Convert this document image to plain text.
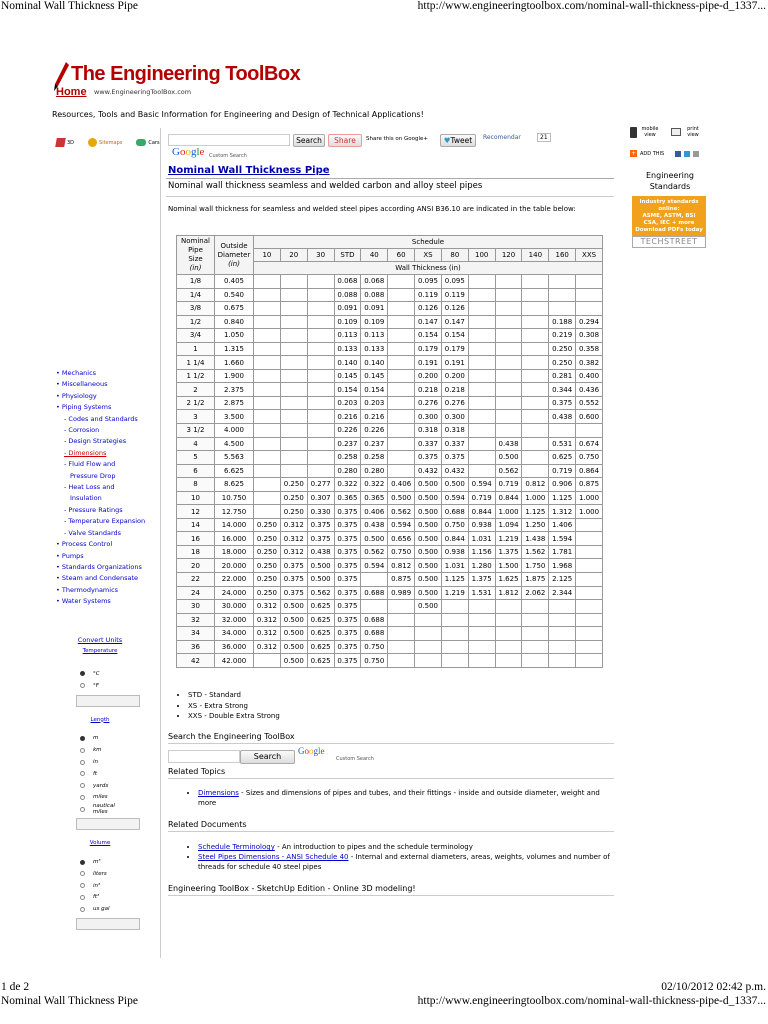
Nominal Wall Thickness Pipe	http://www.engineeringtoolbox.com/nominal-wall-thickness-pipe-d_1337...
The Engineering ToolBox
Home www.EngineeringToolBox.com
Resources, Tools and Basic Information for Engineering and Design of Technical Applications!
3D	Sitemaps	Cars
• Mechanics
• Miscellaneous
• Physiology
• Piping Systems
- Codes and Standards
- Corrosion
- Design Strategies
- Dimensions
- Fluid Flow and
Pressure Drop
- Heat Loss and
Insulation
- Pressure Ratings
- Temperature Expansion
- Valve Standards
• Process Control
• Pumps
• Standards Organizations
• Steam and Condensate
• Thermodynamics
• Water Systems
Convert Units
Temperature
°C
°F
Length
m
km
in
ft
yards
miles
nautical miles
Volume
m³
liters
in³
ft³
us gal
Search	Share	Share this on Google+	♥Tweet	Recomendar	21
Google Custom Search
Nominal Wall Thickness Pipe
Nominal wall thickness seamless and welded carbon and alloy steel pipes
Nominal wall thickness for seamless and welded steel pipes according ANSI B36.10 are indicated in the table below:
Nominal
Pipe
Size
(in)	Outside
Diameter
(in)	Schedule												
		10	20	30	STD	40	60	XS	80	100	120	140	160	XXS
		Wall Thickness (in)												
1/8	0.405				0.068	0.068		0.095	0.095					
1/4	0.540				0.088	0.088		0.119	0.119					
3/8	0.675				0.091	0.091		0.126	0.126					
1/2	0.840				0.109	0.109		0.147	0.147				0.188	0.294
3/4	1.050				0.113	0.113		0.154	0.154				0.219	0.308
1	1.315				0.133	0.133		0.179	0.179				0.250	0.358
1 1/4	1.660				0.140	0.140		0.191	0.191				0.250	0.382
1 1/2	1.900				0.145	0.145		0.200	0.200				0.281	0.400
2	2.375				0.154	0.154		0.218	0.218				0.344	0.436
2 1/2	2.875				0.203	0.203		0.276	0.276				0.375	0.552
3	3.500				0.216	0.216		0.300	0.300				0.438	0.600
3 1/2	4.000				0.226	0.226		0.318	0.318					
4	4.500				0.237	0.237		0.337	0.337		0.438		0.531	0.674
5	5.563				0.258	0.258		0.375	0.375		0.500		0.625	0.750
6	6.625				0.280	0.280		0.432	0.432		0.562		0.719	0.864
8	8.625		0.250	0.277	0.322	0.322	0.406	0.500	0.500	0.594	0.719	0.812	0.906	0.875
10	10.750		0.250	0.307	0.365	0.365	0.500	0.500	0.594	0.719	0.844	1.000	1.125	1.000
12	12.750		0.250	0.330	0.375	0.406	0.562	0.500	0.688	0.844	1.000	1.125	1.312	1.000
14	14.000	0.250	0.312	0.375	0.375	0.438	0.594	0.500	0.750	0.938	1.094	1.250	1.406	
16	16.000	0.250	0.312	0.375	0.375	0.500	0.656	0.500	0.844	1.031	1.219	1.438	1.594	
18	18.000	0.250	0.312	0.438	0.375	0.562	0.750	0.500	0.938	1.156	1.375	1.562	1.781	
20	20.000	0.250	0.375	0.500	0.375	0.594	0.812	0.500	1.031	1.280	1.500	1.750	1.968	
22	22.000	0.250	0.375	0.500	0.375		0.875	0.500	1.125	1.375	1.625	1.875	2.125	
24	24.000	0.250	0.375	0.562	0.375	0.688	0.989	0.500	1.219	1.531	1.812	2.062	2.344	
30	30.000	0.312	0.500	0.625	0.375			0.500						
32	32.000	0.312	0.500	0.625	0.375	0.688								
34	34.000	0.312	0.500	0.625	0.375	0.688								
36	36.000	0.312	0.500	0.625	0.375	0.750								
42	42.000		0.500	0.625	0.375	0.750								
• STD - Standard
• XS - Extra Strong
• XXS - Double Extra Strong
Search the Engineering ToolBox
Search
Google
Custom Search
Related Topics
• Dimensions - Sizes and dimensions of pipes and tubes, and their fittings - inside and outside diameter, weight and more
Related Documents
• Schedule Terminology - An introduction to pipes and the schedule terminology
• Steel Pipes Dimensions - ANSI Schedule 40 - Internal and external diameters, areas, weights, volumes and number of threads for schedule 40 steel pipes
Engineering ToolBox - SketchUp Edition - Online 3D modeling!
mobile view
print view
+ ADD THIS
Engineering Standards
Industry standards
online:
ASME, ASTM, BSI
CSA, IEC + more
Download PDFs today
TECHSTREET
1 de 2	02/10/2012 02:42 p.m.
Nominal Wall Thickness Pipe	http://www.engineeringtoolbox.com/nominal-wall-thickness-pipe-d_1337...
